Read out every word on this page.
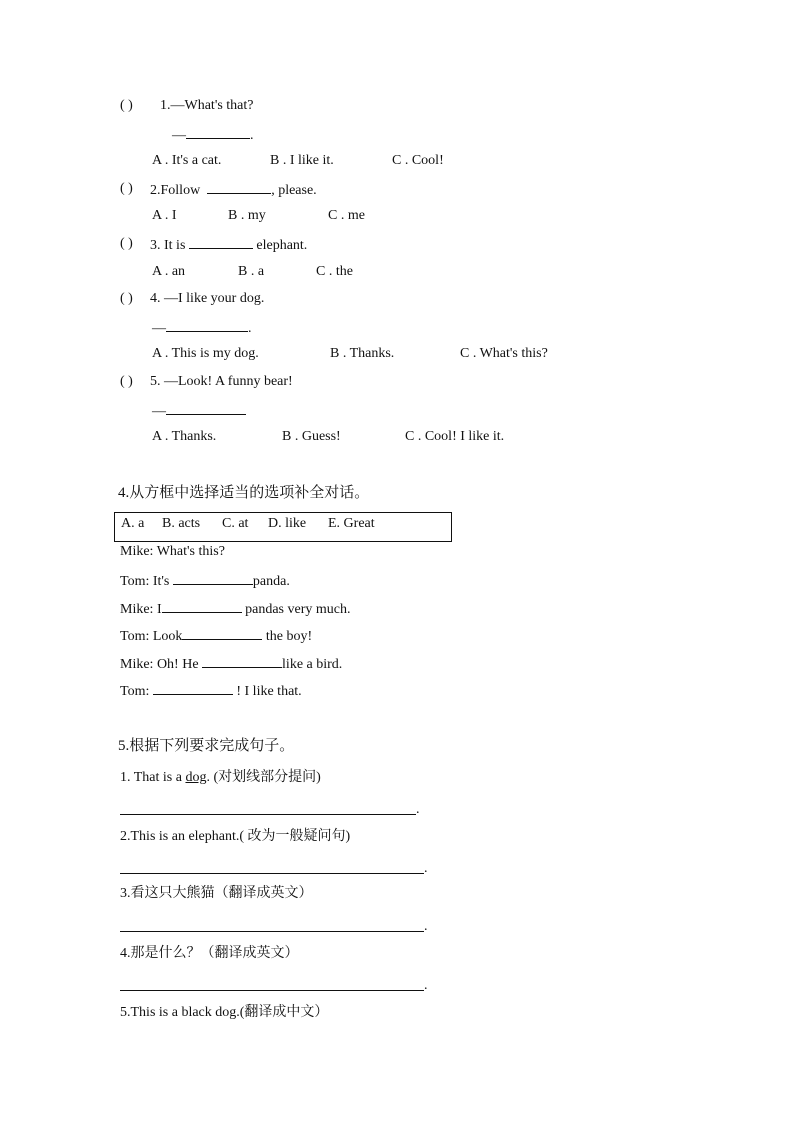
( ) 1.—What's that?
—	.
A . It's a cat.	B . I like it.	C . Cool!
( ) 2.Follow	, please.
A . I	B . my	C . me
( ) 3. It is	elephant.
A . an	B . a	C . the
( ) 4. —I like your dog.
—	.
A . This is my dog.	B . Thanks.	C . What's this?
( ) 5. —Look! A funny bear!
—
A . Thanks.	B . Guess!	C . Cool! I like it.
4.从方框中选择适当的选项补全对话。
A. a B. acts C. at D. like E. Great
Mike: What's this?
Tom: It's	panda.
Mike: I	pandas very much.
Tom: Look	the boy!
Mike: Oh! He	like a bird.
Tom:	! I like that.
5.根据下列要求完成句子。
1. That is a dog. (对划线部分提问)
.
2.This is an elephant.( 改为一般疑问句)
.
3.看这只大熊猫（翻译成英文）
.
4.那是什么？（翻译成英文）
.
5.This is a black dog.(翻译成中文）
